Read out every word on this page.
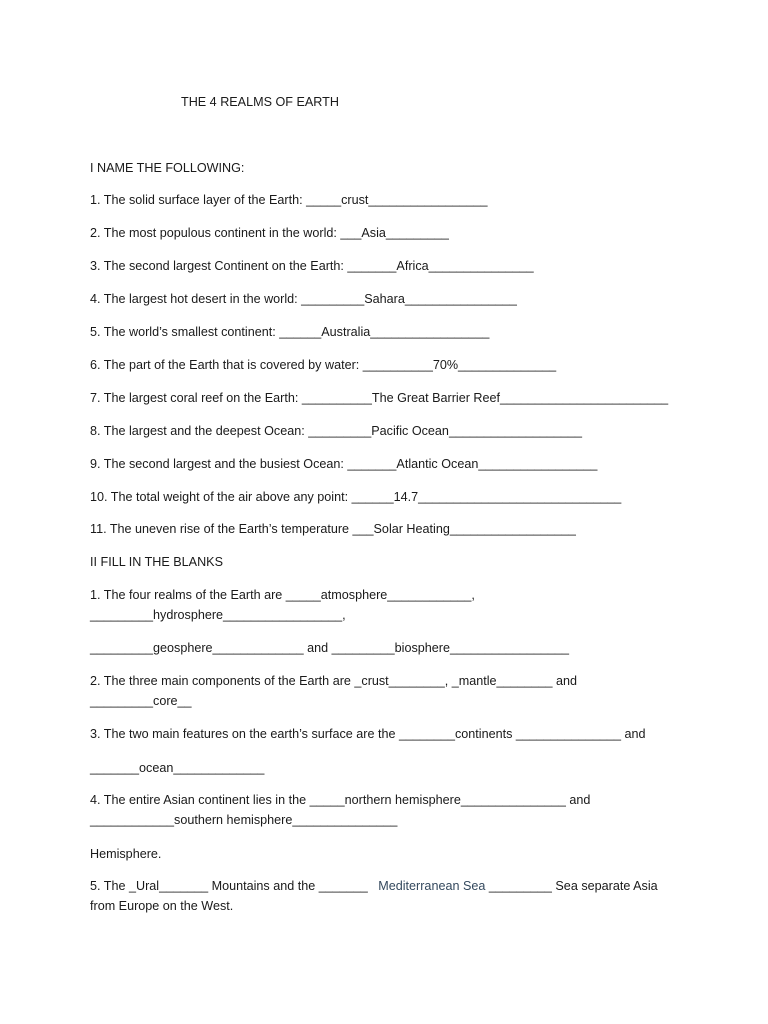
THE 4 REALMS OF EARTH
I NAME THE FOLLOWING:
1. The solid surface layer of the Earth: _____crust_________________
2. The most populous continent in the world: ___Asia_________
3. The second largest Continent on the Earth: _______Africa_______________
4. The largest hot desert in the world: _________Sahara________________
5. The world’s smallest continent: ______Australia_________________
6. The part of the Earth that is covered by water: __________70%______________
7. The largest coral reef on the Earth: __________The Great Barrier Reef________________________
8. The largest and the deepest Ocean: _________Pacific Ocean___________________
9. The second largest and the busiest Ocean: _______Atlantic Ocean_________________
10. The total weight of the air above any point: ______14.7_____________________________
11. The uneven rise of the Earth’s temperature ___Solar Heating__________________
II FILL IN THE BLANKS
1. The four realms of the Earth are _____atmosphere____________,
_________hydrosphere_________________,
_________geosphere_____________ and _________biosphere_________________
2. The three main components of the Earth are _crust________, _mantle________ and
_________core__
3. The two main features on the earth’s surface are the ________continents _______________ and
_______ocean_____________
4. The entire Asian continent lies in the _____northern hemisphere_______________ and
____________southern hemisphere_______________
Hemisphere.
5. The _Ural_______ Mountains and the _______ Mediterranean Sea _________ Sea separate Asia
from Europe on the West.
